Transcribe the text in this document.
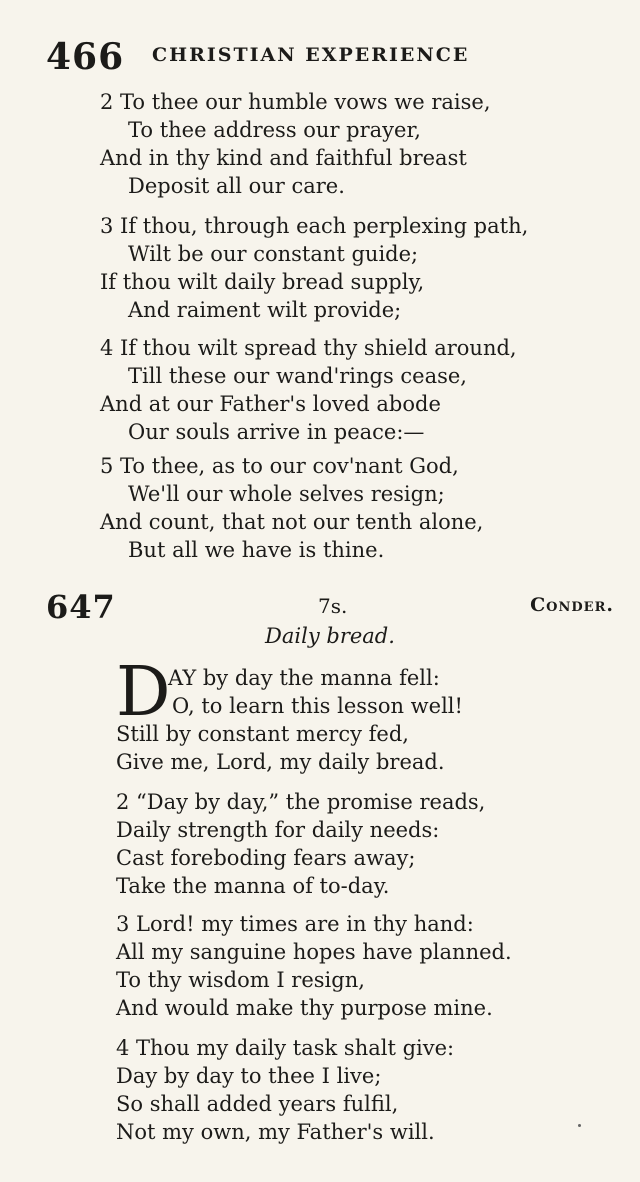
466 CHRISTIAN EXPERIENCE
2 To thee our humble vows we raise,
To thee address our prayer,
And in thy kind and faithful breast
Deposit all our care.
3 If thou, through each perplexing path,
Wilt be our constant guide;
If thou wilt daily bread supply,
And raiment wilt provide;
4 If thou wilt spread thy shield around,
Till these our wand'rings cease,
And at our Father's loved abode
Our souls arrive in peace:—
5 To thee, as to our cov'nant God,
We'll our whole selves resign;
And count, that not our tenth alone,
But all we have is thine.
647	7s.	Conder.
Daily bread.
D
AY by day the manna fell:
O, to learn this lesson well!
Still by constant mercy fed,
Give me, Lord, my daily bread.
2 “Day by day,” the promise reads,
Daily strength for daily needs:
Cast foreboding fears away;
Take the manna of to-day.
3 Lord! my times are in thy hand:
All my sanguine hopes have planned.
To thy wisdom I resign,
And would make thy purpose mine.
4 Thou my daily task shalt give:
Day by day to thee I live;
So shall added years fulfil,
Not my own, my Father's will.
